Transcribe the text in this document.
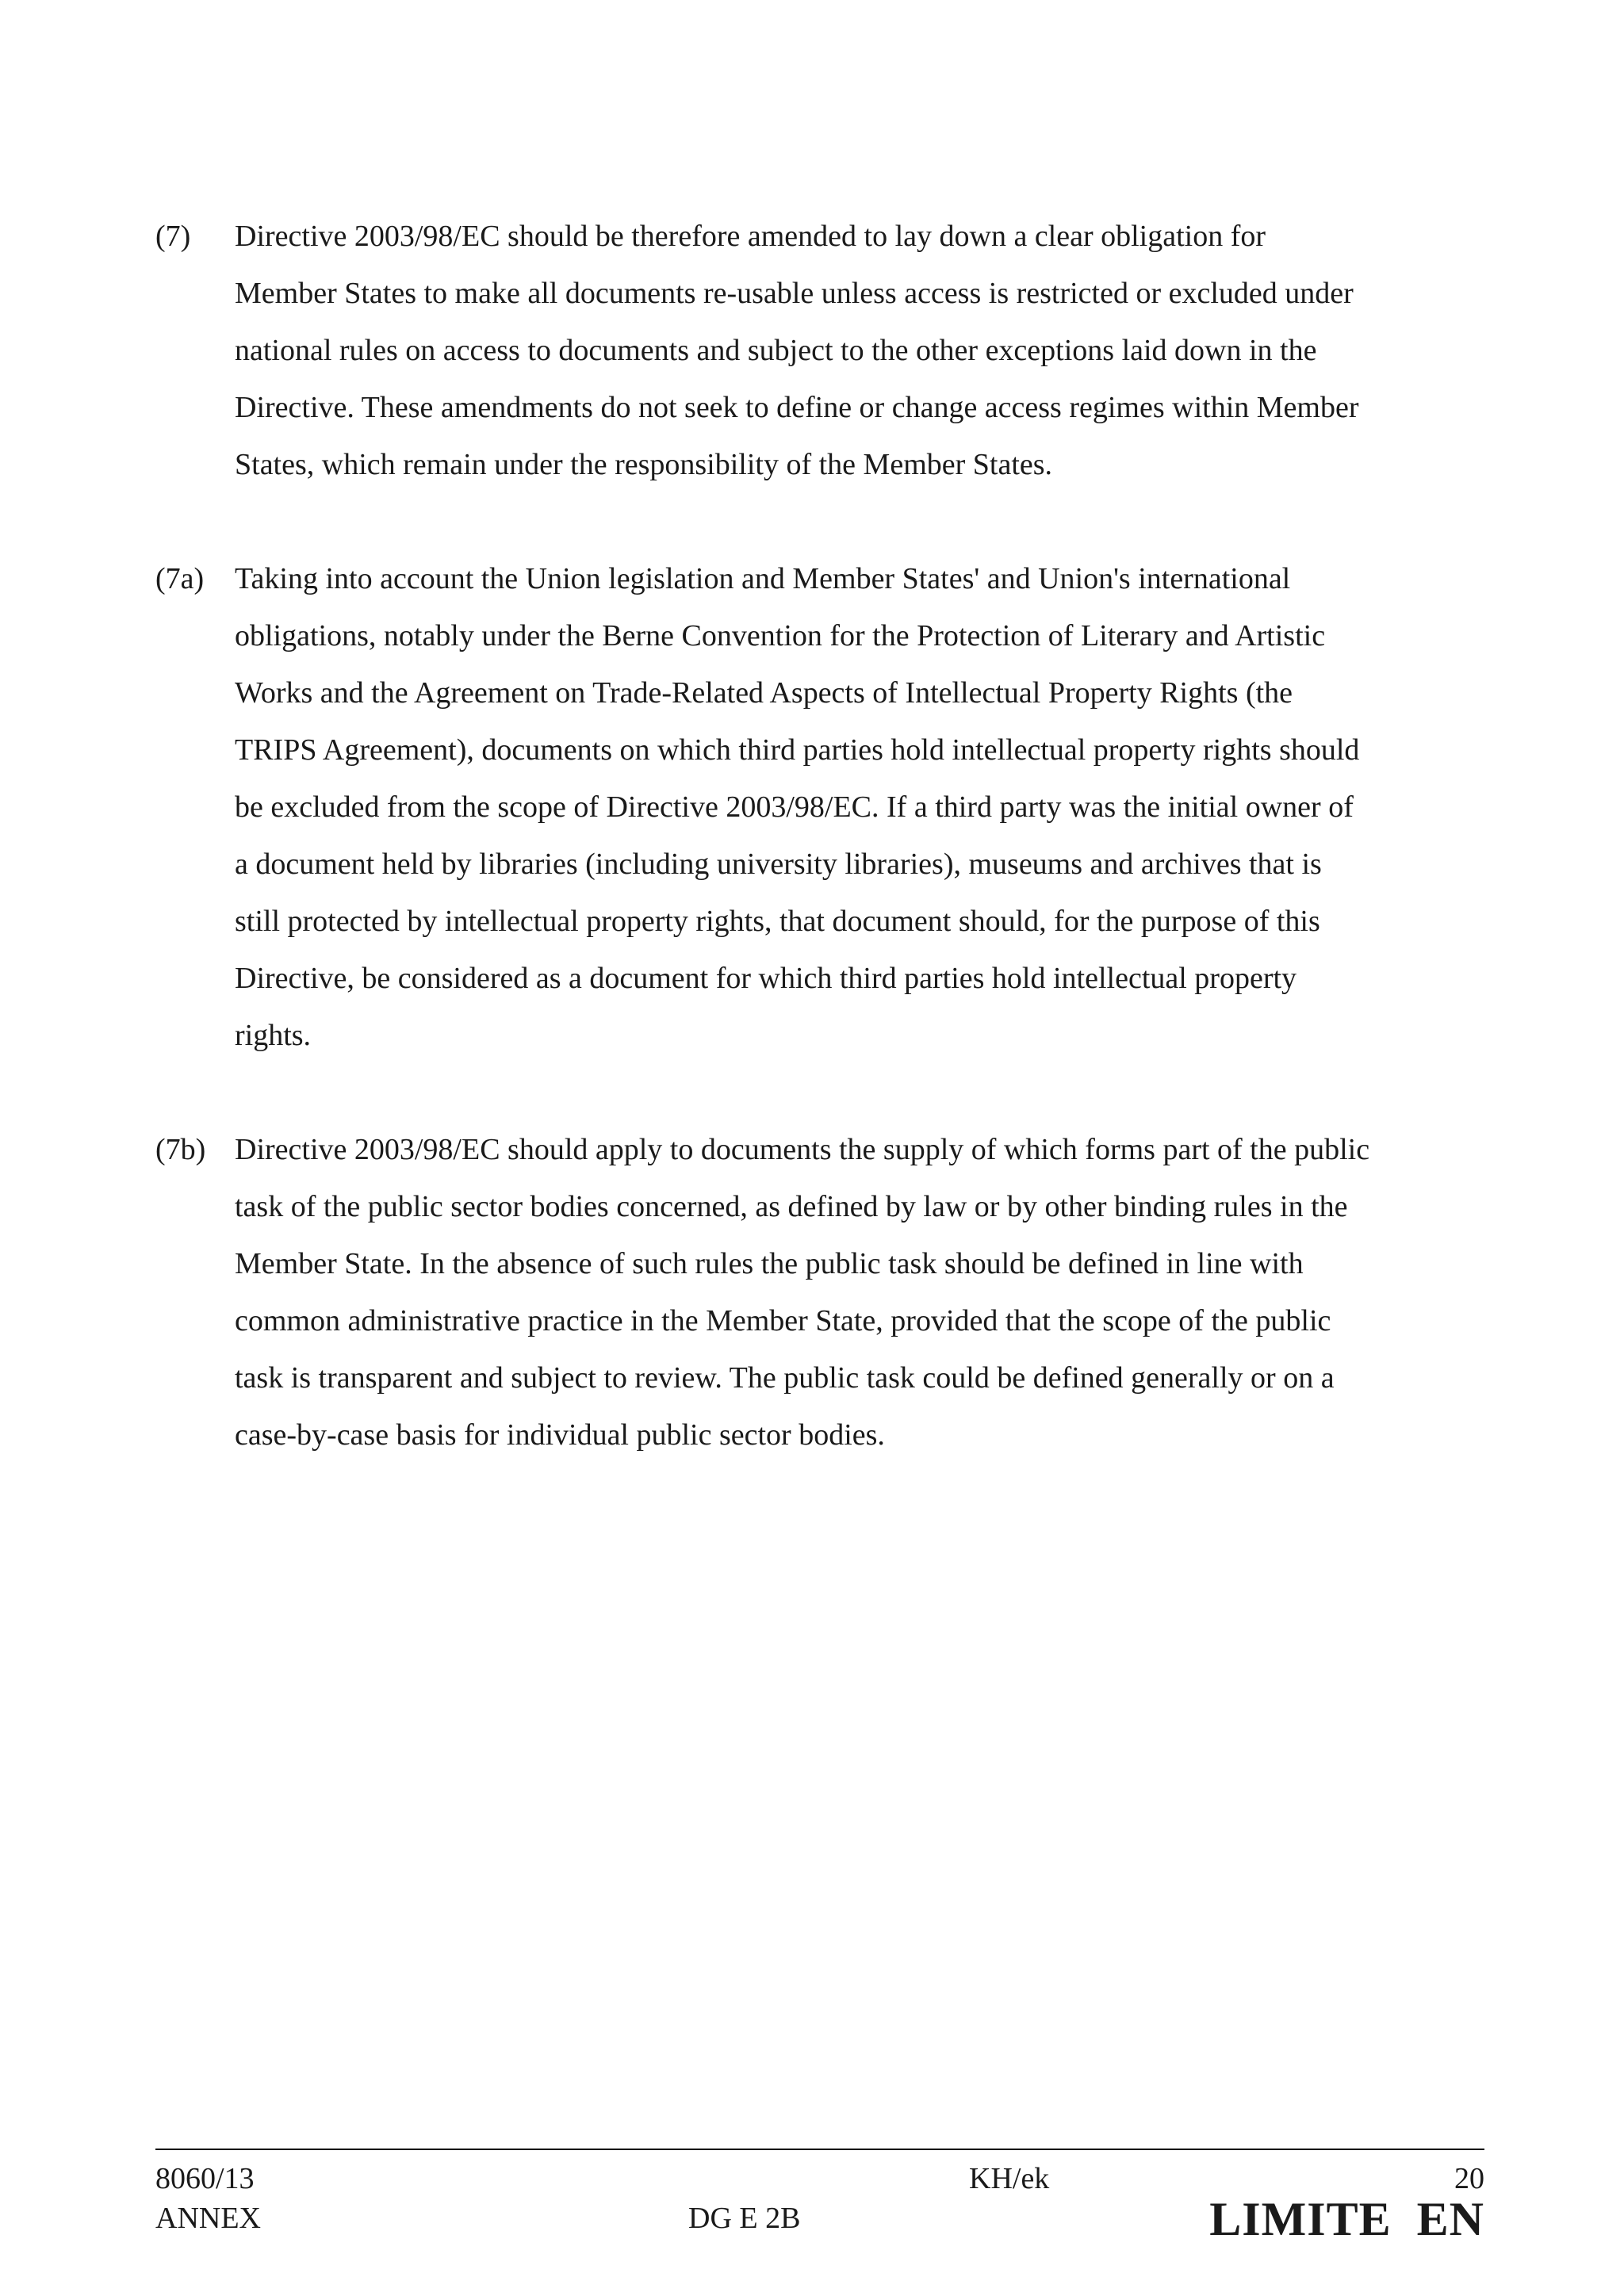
(7) Directive 2003/98/EC should be therefore amended to lay down a clear obligation for
Member States to make all documents re-usable unless access is restricted or excluded under
national rules on access to documents and subject to the other exceptions laid down in the
Directive. These amendments do not seek to define or change access regimes within Member
States, which remain under the responsibility of the Member States.
(7a) Taking into account the Union legislation and Member States' and Union's international
obligations, notably under the Berne Convention for the Protection of Literary and Artistic
Works and the Agreement on Trade-Related Aspects of Intellectual Property Rights (the
TRIPS Agreement), documents on which third parties hold intellectual property rights should
be excluded from the scope of Directive 2003/98/EC. If a third party was the initial owner of
a document held by libraries (including university libraries), museums and archives that is
still protected by intellectual property rights, that document should, for the purpose of this
Directive, be considered as a document for which third parties hold intellectual property
rights.
(7b) Directive 2003/98/EC should apply to documents the supply of which forms part of the public
task of the public sector bodies concerned, as defined by law or by other binding rules in the
Member State. In the absence of such rules the public task should be defined in line with
common administrative practice in the Member State, provided that the scope of the public
task is transparent and subject to review. The public task could be defined generally or on a
case-by-case basis for individual public sector bodies.
8060/13
ANNEX
KH/ek
DG E 2B
20
LIMITE  EN
